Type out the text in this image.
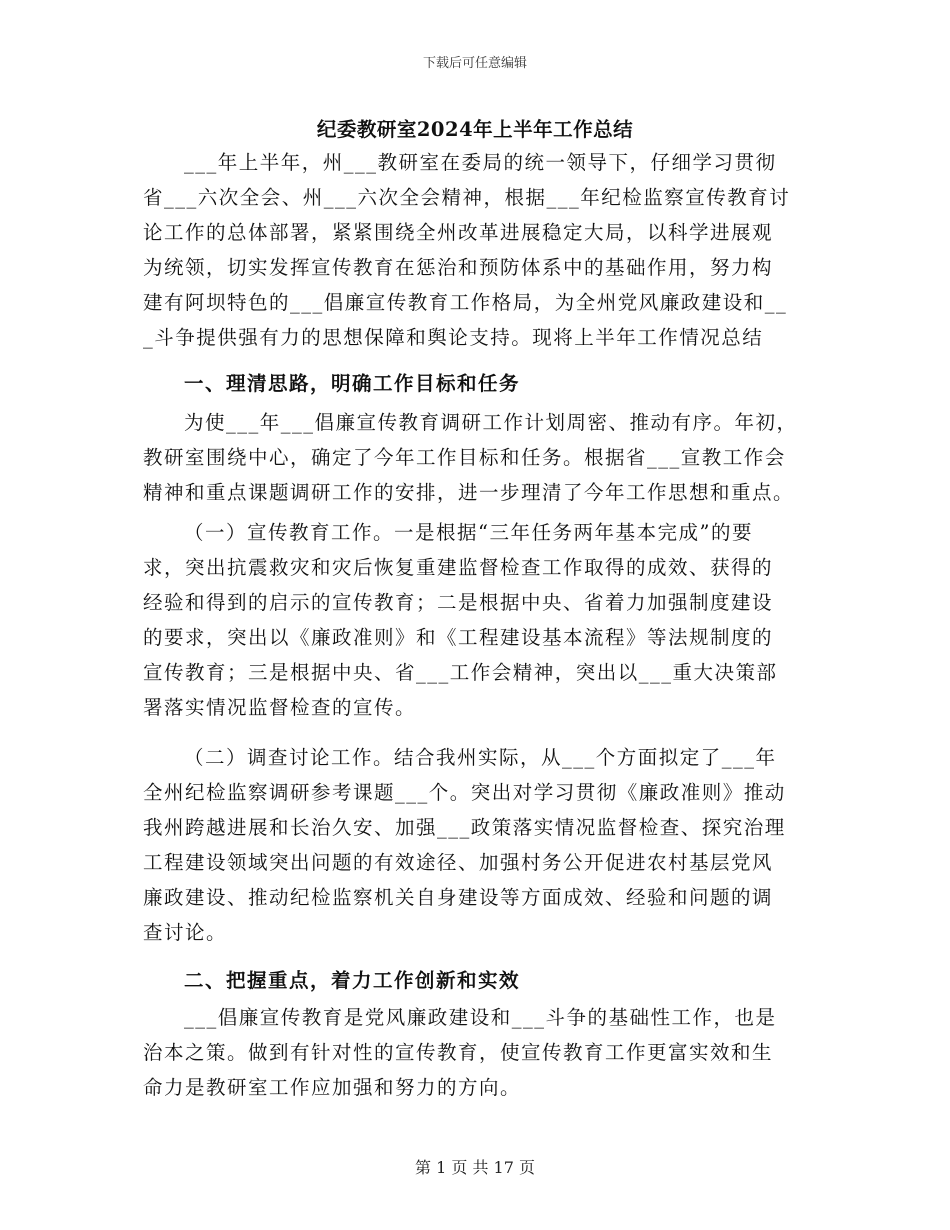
下载后可任意编辑
纪委教研室2024年上半年工作总结
___年上半年，州___教研室在委局的统一领导下，仔细学习贯彻
省___六次全会、州___六次全会精神，根据___年纪检监察宣传教育讨
论工作的总体部署，紧紧围绕全州改革进展稳定大局，以科学进展观
为统领，切实发挥宣传教育在惩治和预防体系中的基础作用，努力构
建有阿坝特色的___倡廉宣传教育工作格局，为全州党风廉政建设和__
_斗争提供强有力的思想保障和舆论支持。现将上半年工作情况总结
一、理清思路，明确工作目标和任务
为使___年___倡廉宣传教育调研工作计划周密、推动有序。年初，
教研室围绕中心，确定了今年工作目标和任务。根据省___宣教工作会
精神和重点课题调研工作的安排，进一步理清了今年工作思想和重点。
（一）宣传教育工作。一是根据“三年任务两年基本完成”的要
求，突出抗震救灾和灾后恢复重建监督检查工作取得的成效、获得的
经验和得到的启示的宣传教育；二是根据中央、省着力加强制度建设
的要求，突出以《廉政准则》和《工程建设基本流程》等法规制度的
宣传教育；三是根据中央、省___工作会精神，突出以___重大决策部
署落实情况监督检查的宣传。
（二）调查讨论工作。结合我州实际，从___个方面拟定了___年
全州纪检监察调研参考课题___个。突出对学习贯彻《廉政准则》推动
我州跨越进展和长治久安、加强___政策落实情况监督检查、探究治理
工程建设领域突出问题的有效途径、加强村务公开促进农村基层党风
廉政建设、推动纪检监察机关自身建设等方面成效、经验和问题的调
查讨论。
二、把握重点，着力工作创新和实效
___倡廉宣传教育是党风廉政建设和___斗争的基础性工作，也是
治本之策。做到有针对性的宣传教育，使宣传教育工作更富实效和生
命力是教研室工作应加强和努力的方向。
第 1 页 共 17 页
